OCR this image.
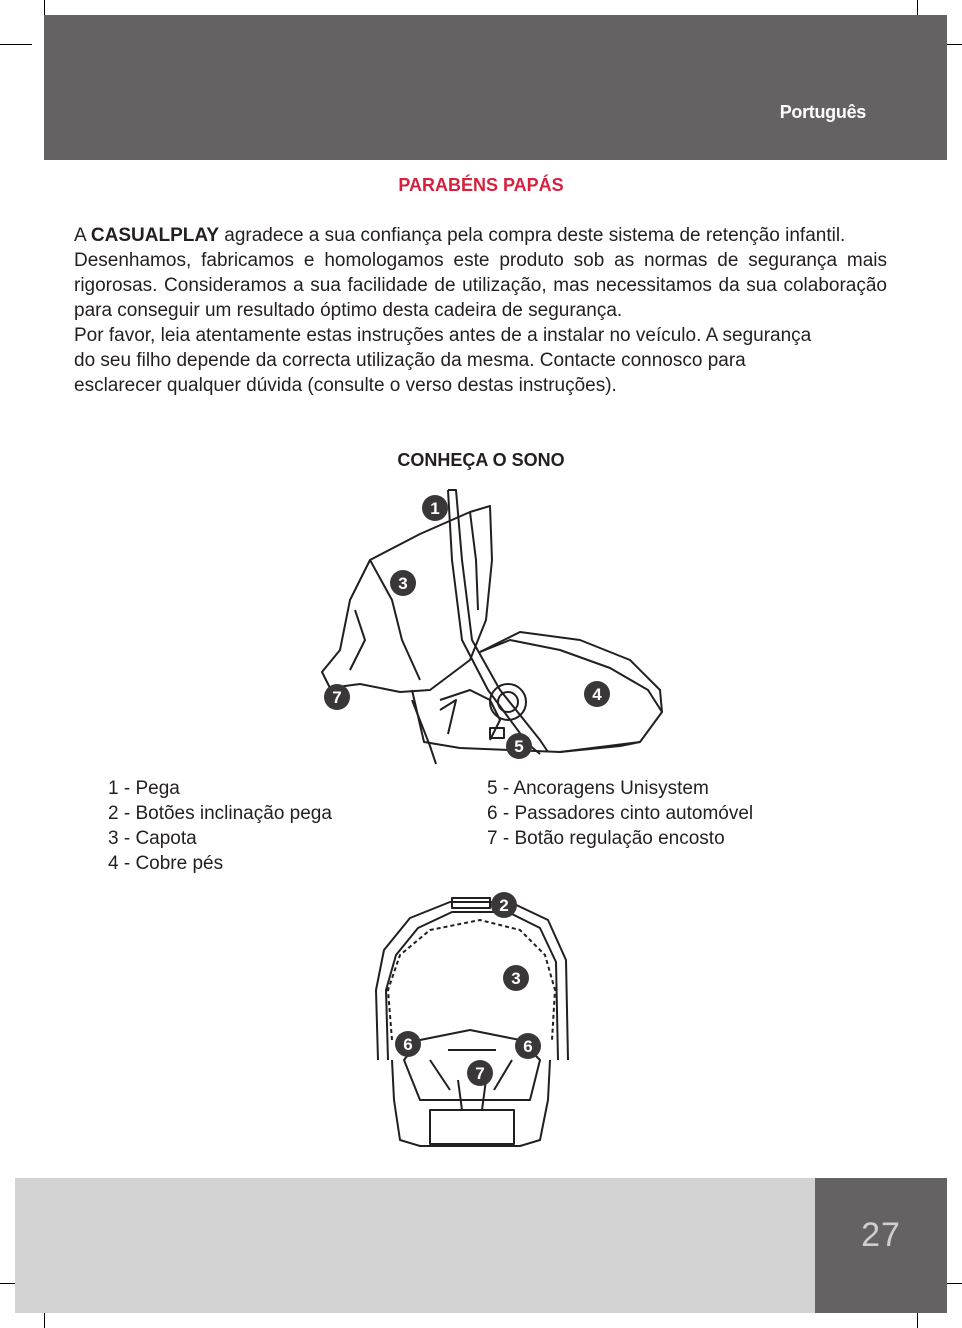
Português
PARABÉNS PAPÁS

A CASUALPLAY agradece a sua confiança pela compra deste sistema de retenção infantil.

Desenhamos, fabricamos e homologamos este produto sob as normas de segurança mais rigorosas. Consideramos a sua facilidade de utilização, mas necessitamos da sua colaboração para conseguir um resultado óptimo desta cadeira de segurança.

Por favor, leia atentamente estas instruções antes de a instalar no veículo. A segurança
do seu filho depende da correcta utilização da mesma. Contacte connosco para
esclarecer qualquer dúvida (consulte o verso destas instruções).

CONHEÇA O SONO
1
3
7	4
5
2
3
6	6
7
1 - Pega
2 - Botões inclinação pega
3 - Capota
4 - Cobre pés
5 - Ancoragens Unisystem
6 - Passadores cinto automóvel
7 - Botão regulação encosto
27
